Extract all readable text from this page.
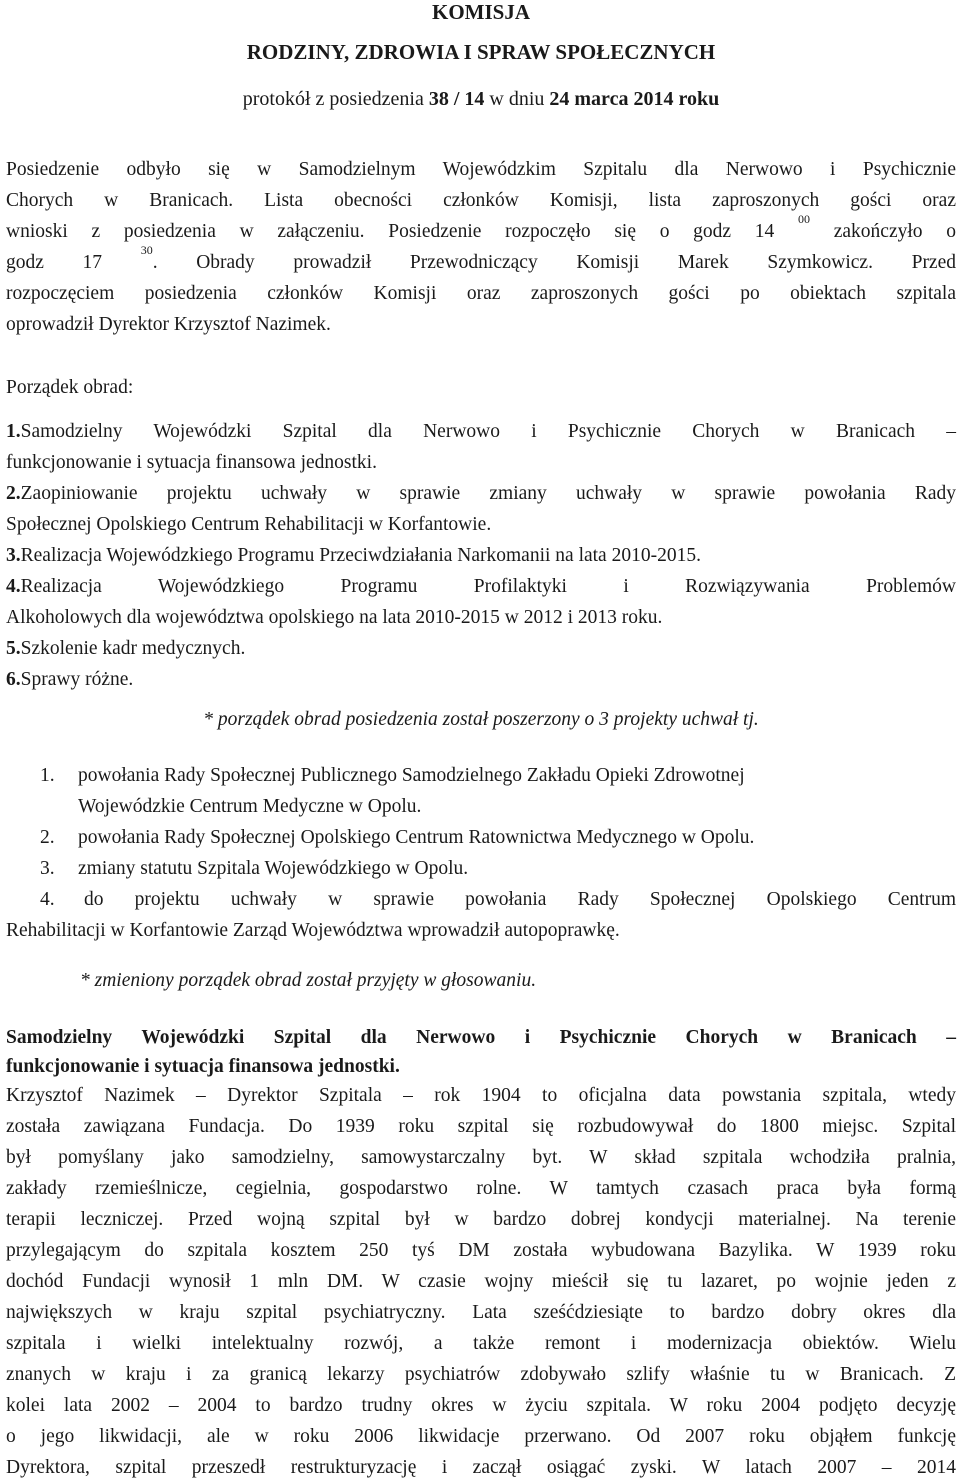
KOMISJA
RODZINY, ZDROWIA I SPRAW SPOŁECZNYCH
protokół z posiedzenia 38 / 14 w dniu 24 marca 2014 roku
Posiedzenie odbyło się w Samodzielnym Wojewódzkim Szpitalu dla Nerwowo i Psychicznie
Chorych w Branicach. Lista obecności członków Komisji, lista zaproszonych gości oraz
wnioski z posiedzenia w załączeniu. Posiedzenie rozpoczęło się o godz 14 $^{00}$ zakończyło o
godz 17 $^{30}$. Obrady prowadził Przewodniczący Komisji Marek Szymkowicz. Przed
rozpoczęciem posiedzenia członków Komisji oraz zaproszonych gości po obiektach szpitala
oprowadził Dyrektor Krzysztof Nazimek.
Porządek obrad:
1.Samodzielny Wojewódzki Szpital dla Nerwowo i Psychicznie Chorych w Branicach –
funkcjonowanie i sytuacja finansowa jednostki.
2.Zaopiniowanie projektu uchwały w sprawie zmiany uchwały w sprawie powołania Rady
Społecznej Opolskiego Centrum Rehabilitacji w Korfantowie.
3.Realizacja Wojewódzkiego Programu Przeciwdziałania Narkomanii na lata 2010-2015.
4.Realizacja Wojewódzkiego Programu Profilaktyki i Rozwiązywania Problemów
Alkoholowych dla województwa opolskiego na lata 2010-2015 w 2012 i 2013 roku.
5.Szkolenie kadr medycznych.
6.Sprawy różne.
* porządek obrad posiedzenia został poszerzony o 3 projekty uchwał tj.
1. powołania Rady Społecznej Publicznego Samodzielnego Zakładu Opieki Zdrowotnej
Wojewódzkie Centrum Medyczne w Opolu.
2. powołania Rady Społecznej Opolskiego Centrum Ratownictwa Medycznego w Opolu.
3. zmiany statutu Szpitala Wojewódzkiego w Opolu.
4. do projektu uchwały w sprawie powołania Rady Społecznej Opolskiego Centrum
Rehabilitacji w Korfantowie Zarząd Województwa wprowadził autopoprawkę.
* zmieniony porządek obrad został przyjęty w głosowaniu.
Samodzielny Wojewódzki Szpital dla Nerwowo i Psychicznie Chorych w Branicach –
funkcjonowanie i sytuacja finansowa jednostki.
Krzysztof Nazimek – Dyrektor Szpitala – rok 1904 to oficjalna data powstania szpitala, wtedy
została zawiązana Fundacja. Do 1939 roku szpital się rozbudowywał do 1800 miejsc. Szpital
był pomyślany jako samodzielny, samowystarczalny byt. W skład szpitala wchodziła pralnia,
zakłady rzemieślnicze, cegielnia, gospodarstwo rolne. W tamtych czasach praca była formą
terapii leczniczej. Przed wojną szpital był w bardzo dobrej kondycji materialnej. Na terenie
przylegającym do szpitala kosztem 250 tyś DM została wybudowana Bazylika. W 1939 roku
dochód Fundacji wynosił 1 mln DM. W czasie wojny mieścił się tu lazaret, po wojnie jeden z
największych w kraju szpital psychiatryczny. Lata sześćdziesiąte to bardzo dobry okres dla
szpitala i wielki intelektualny rozwój, a także remont i modernizacja obiektów. Wielu
znanych w kraju i za granicą lekarzy psychiatrów zdobywało szlify właśnie tu w Branicach. Z
kolei lata 2002 – 2004 to bardzo trudny okres w życiu szpitala. W roku 2004 podjęto decyzję
o jego likwidacji, ale w roku 2006 likwidacje przerwano. Od 2007 roku objąłem funkcję
Dyrektora, szpital przeszedł restrukturyzację i zaczął osiągać zyski. W latach 2007 – 2014
